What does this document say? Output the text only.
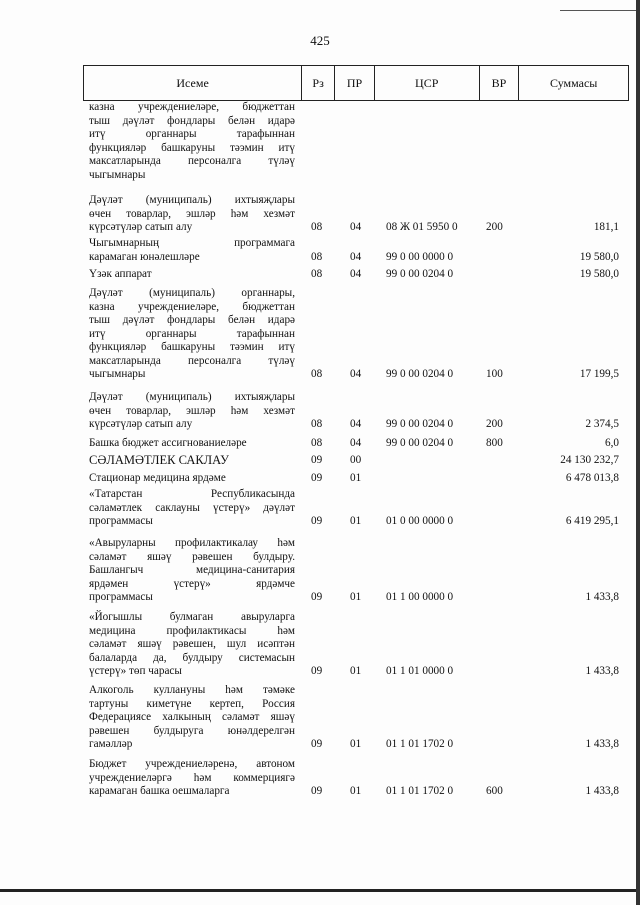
425
Исеме	Рз	ПР	ЦСР	ВР	Суммасы
казна учреждениеләре, бюджеттан
тыш дәүләт фондлары белән идарә
итү органнары тарафыннан
функцияләр башкаруны тәэмин итү
максатларында персоналга түләү
чыгымнары
Дәүләт (муниципаль) ихтыяҗлары
өчен товарлар, эшләр һәм хезмәт
күрсәтүләр сатып алу	08 04 08 Ж 01 5950 0	200	181,1
Чыгымнарның программага
карамаган юнәлешләре	08 04 99 0 00 0000 0	19 580,0
Үзәк аппарат	08 04 99 0 00 0204 0	19 580,0
Дәүләт (муниципаль) органнары,
казна учреждениеләре, бюджеттан
тыш дәүләт фондлары белән идарә
итү органнары тарафыннан
функцияләр башкаруны тәэмин итү
максатларында персоналга түләү
чыгымнары	08 04 99 0 00 0204 0	100	17 199,5
Дәүләт (муниципаль) ихтыяҗлары
өчен товарлар, эшләр һәм хезмәт
күрсәтүләр сатып алу	08 04 99 0 00 0204 0	200	2 374,5
Башка бюджет ассигнованиеләре	08 04 99 0 00 0204 0	800	6,0
СӘЛАМӘТЛЕК САКЛАУ	09 00	24 130 232,7
Стационар медицина ярдәме	09 01	6 478 013,8
«Татарстан Республикасында
сәламәтлек саклауны үстерү» дәүләт
программасы	09 01 01 0 00 0000 0	6 419 295,1
«Авыруларны профилактикалау һәм
сәламәт яшәү рәвешен булдыру.
Башлангыч медицина-санитария
ярдәмен үстерү» ярдәмче
программасы	09 01 01 1 00 0000 0	1 433,8
«Йогышлы булмаган авыруларга
медицина профилактикасы һәм
сәламәт яшәү рәвешен, шул исәптән
балаларда да, булдыру системасын
үстерү» төп чарасы	09 01 01 1 01 0000 0	1 433,8
Алкоголь куллануны һәм тәмәке
тартуны киметүне кертеп, Россия
Федерациясе халкының сәламәт яшәү
рәвешен булдыруга юнәлдерелгән
гамәлләр	09 01 01 1 01 1702 0	1 433,8
Бюджет учреждениеләренә, автоном
учреждениеләргә һәм коммерциягә
карамаган башка оешмаларга	09 01 01 1 01 1702 0	600	1 433,8
